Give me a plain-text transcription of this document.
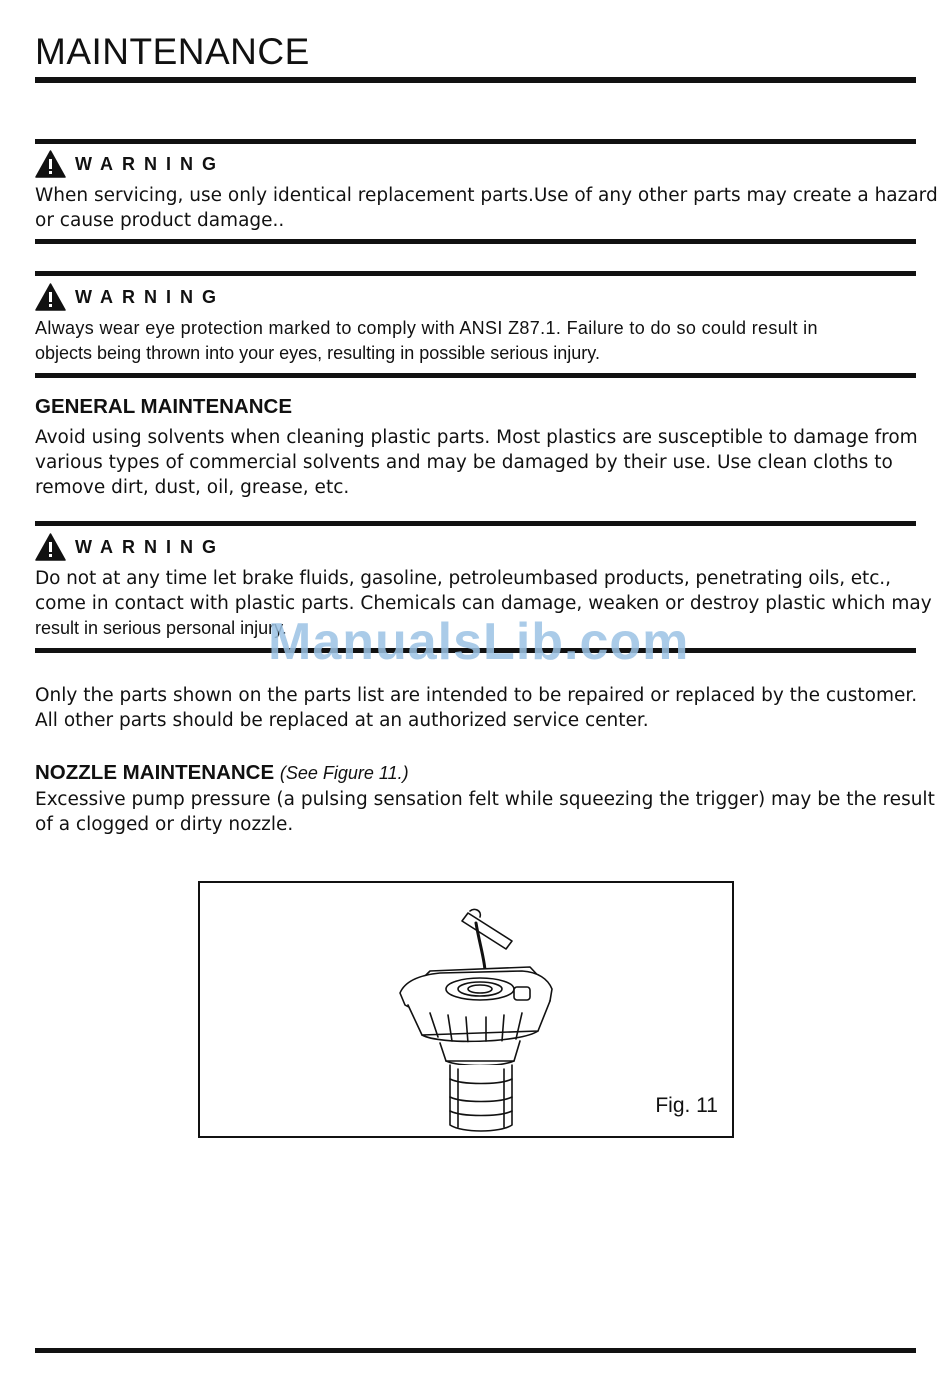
MAINTENANCE
WARNING
When servicing, use only identical replacement parts.Use of any other parts may create a hazard
or cause product damage..
WARNING
Always wear eye protection marked to comply with ANSI Z87.1. Failure to do so could result in
objects being thrown into your eyes, resulting in possible serious injury.
GENERAL MAINTENANCE
Avoid using solvents when cleaning plastic parts. Most plastics are susceptible to damage from
various types of commercial solvents and may be damaged by their use. Use clean cloths to
remove dirt, dust, oil, grease, etc.
WARNING
Do not at any time let brake fluids, gasoline, petroleumbased products, penetrating oils, etc.,
come in contact with plastic parts. Chemicals can damage, weaken or destroy plastic which may
result in serious personal injury.
ManualsLib.com
Only the parts shown on the parts list are intended to be repaired or replaced by the customer.
All other parts should be replaced at an authorized service center.
NOZZLE MAINTENANCE (See Figure 11.)
Excessive pump pressure (a pulsing sensation felt while squeezing the trigger) may be the result
of a clogged or dirty nozzle.
Fig. 11
